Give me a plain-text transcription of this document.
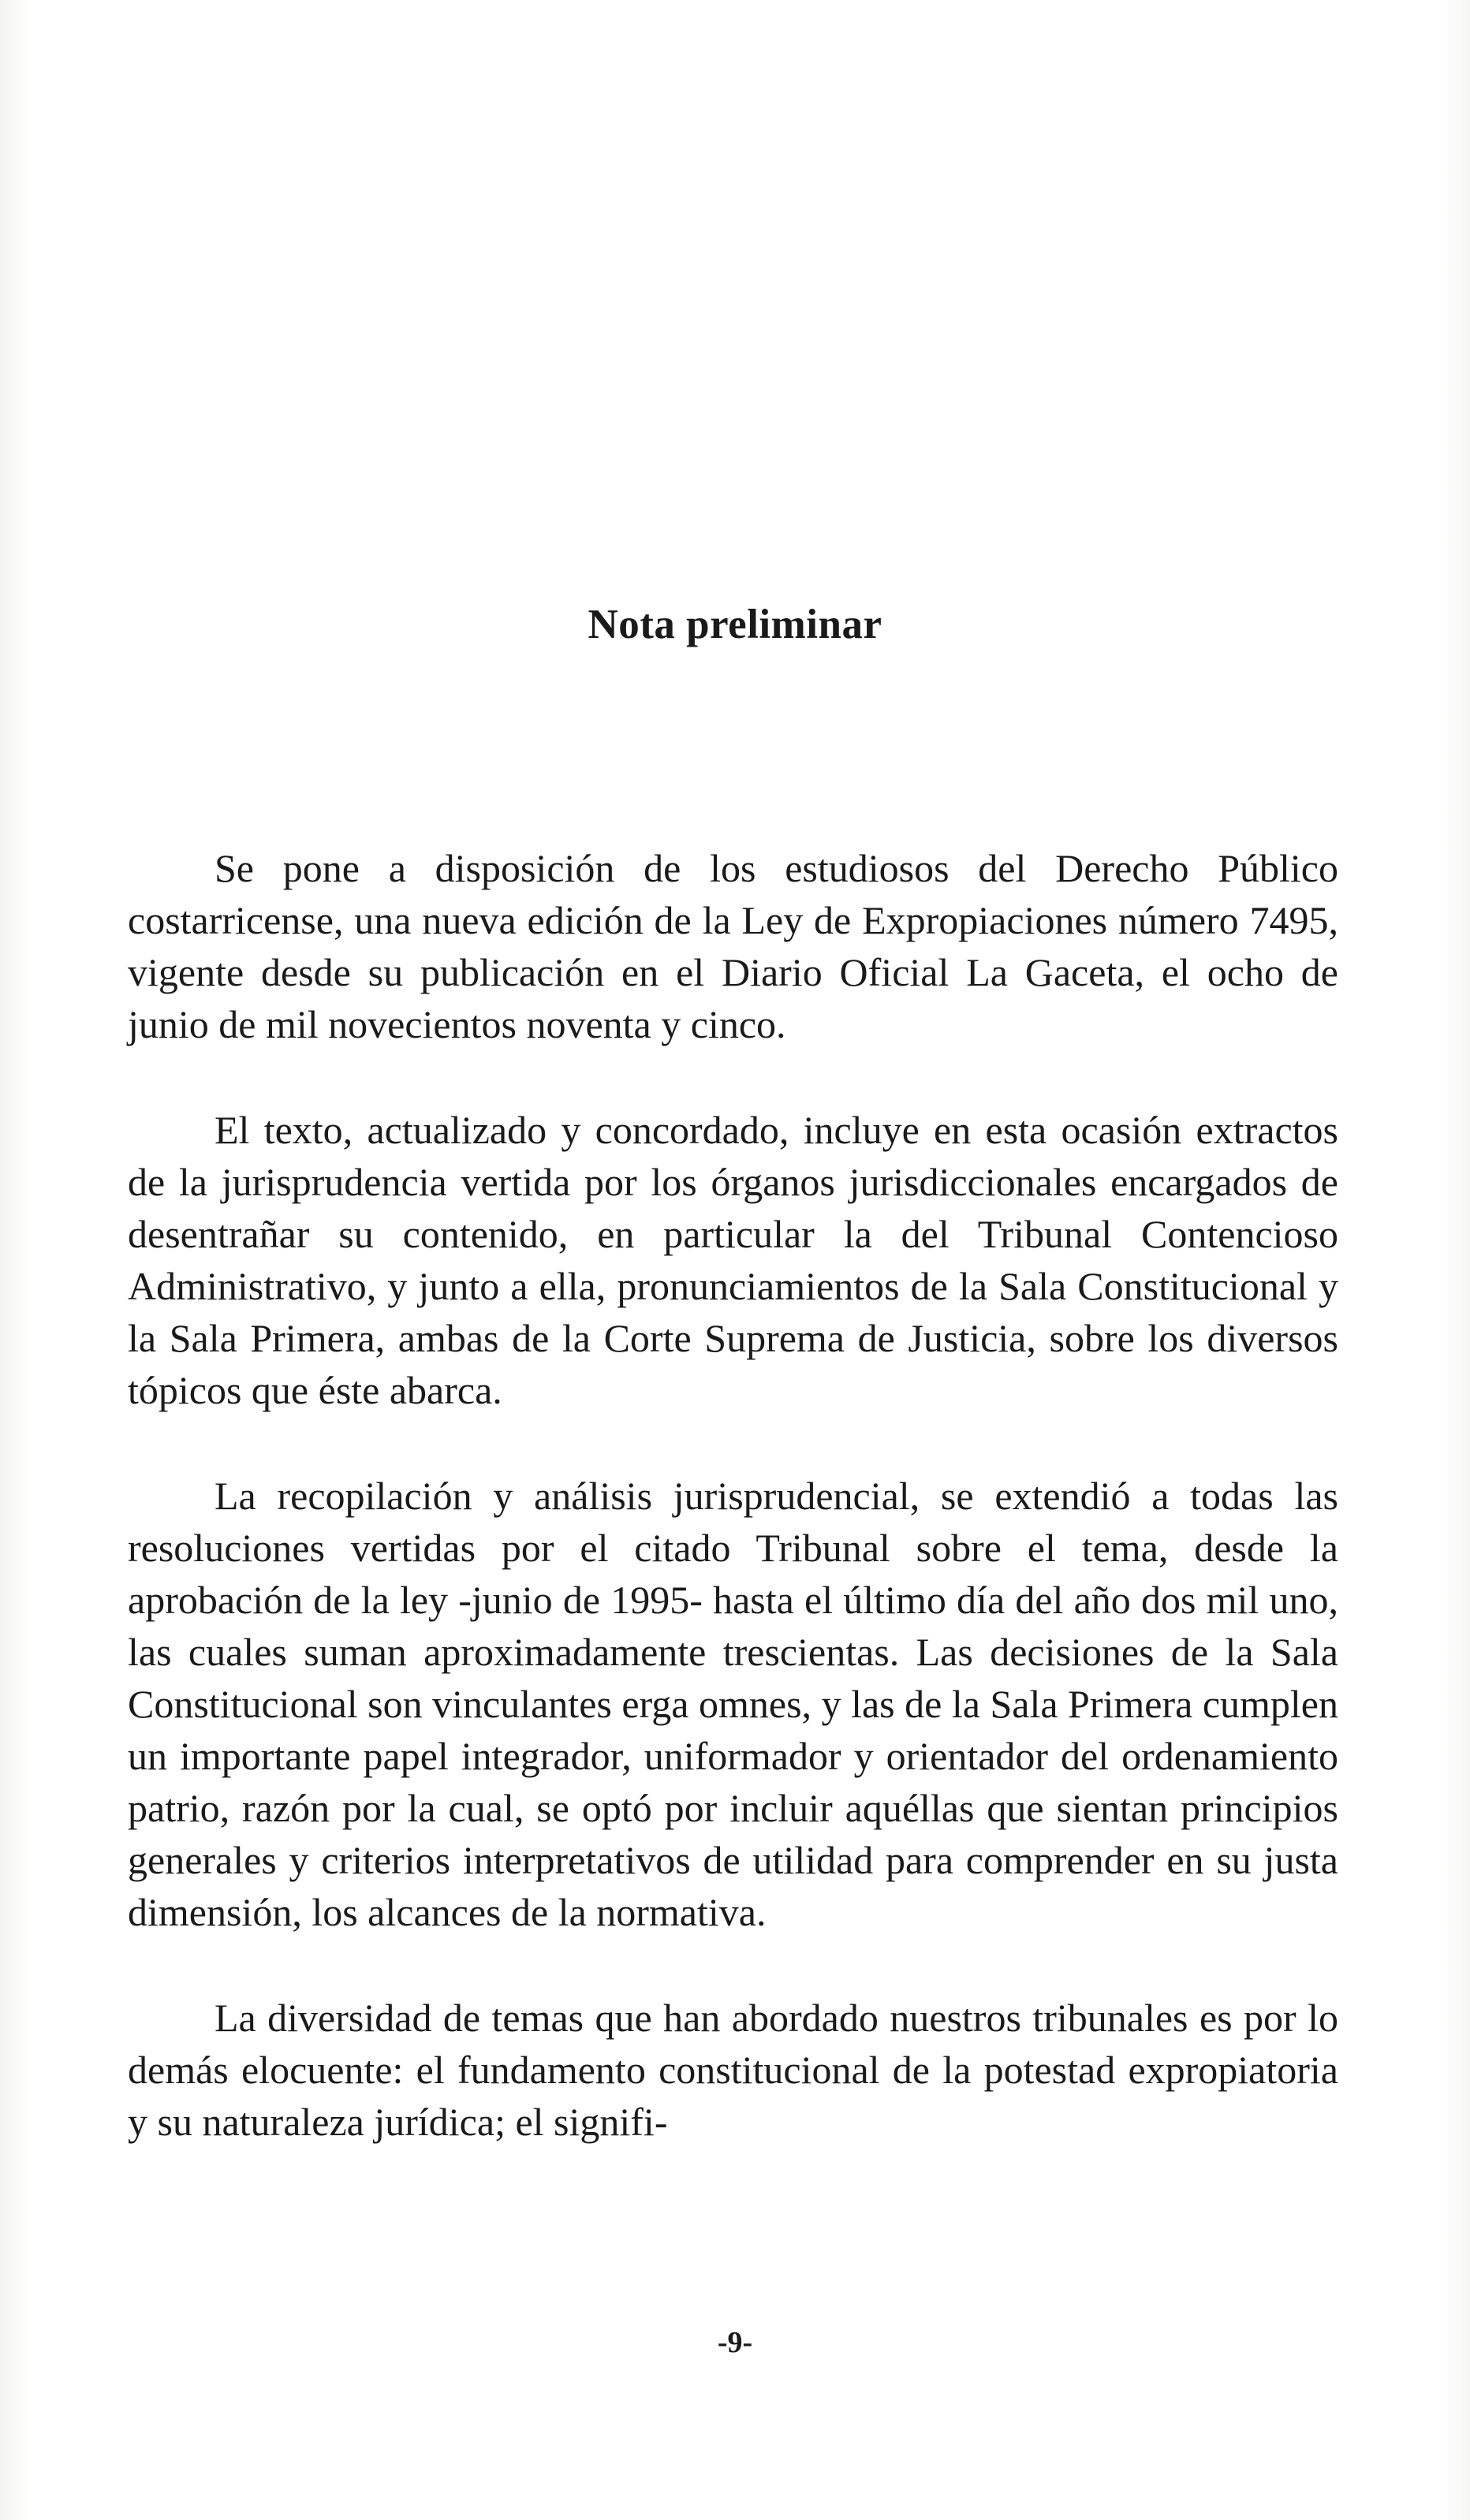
Nota preliminar

Se pone a disposición de los estudiosos del Derecho Público costarricense, una nueva edición de la Ley de Expropiaciones número 7495, vigente desde su publicación en el Diario Oficial La Gaceta, el ocho de junio de mil novecientos noventa y cinco.

El texto, actualizado y concordado, incluye en esta ocasión extractos de la jurisprudencia vertida por los órganos jurisdiccionales encargados de desentrañar su contenido, en particular la del Tribunal Contencioso Administrativo, y junto a ella, pronunciamientos de la Sala Constitucional y la Sala Primera, ambas de la Corte Suprema de Justicia, sobre los diversos tópicos que éste abarca.

La recopilación y análisis jurisprudencial, se extendió a todas las resoluciones vertidas por el citado Tribunal sobre el tema, desde la aprobación de la ley -junio de 1995- hasta el último día del año dos mil uno, las cuales suman aproximadamente trescientas. Las decisiones de la Sala Constitucional son vinculantes erga omnes, y las de la Sala Primera cumplen un importante papel integrador, uniformador y orientador del ordenamiento patrio, razón por la cual, se optó por incluir aquéllas que sientan principios generales y criterios interpretativos de utilidad para comprender en su justa dimensión, los alcances de la normativa.

La diversidad de temas que han abordado nuestros tribunales es por lo demás elocuente: el fundamento constitucional de la potestad expropiatoria y su naturaleza jurídica; el signifi-

-9-
